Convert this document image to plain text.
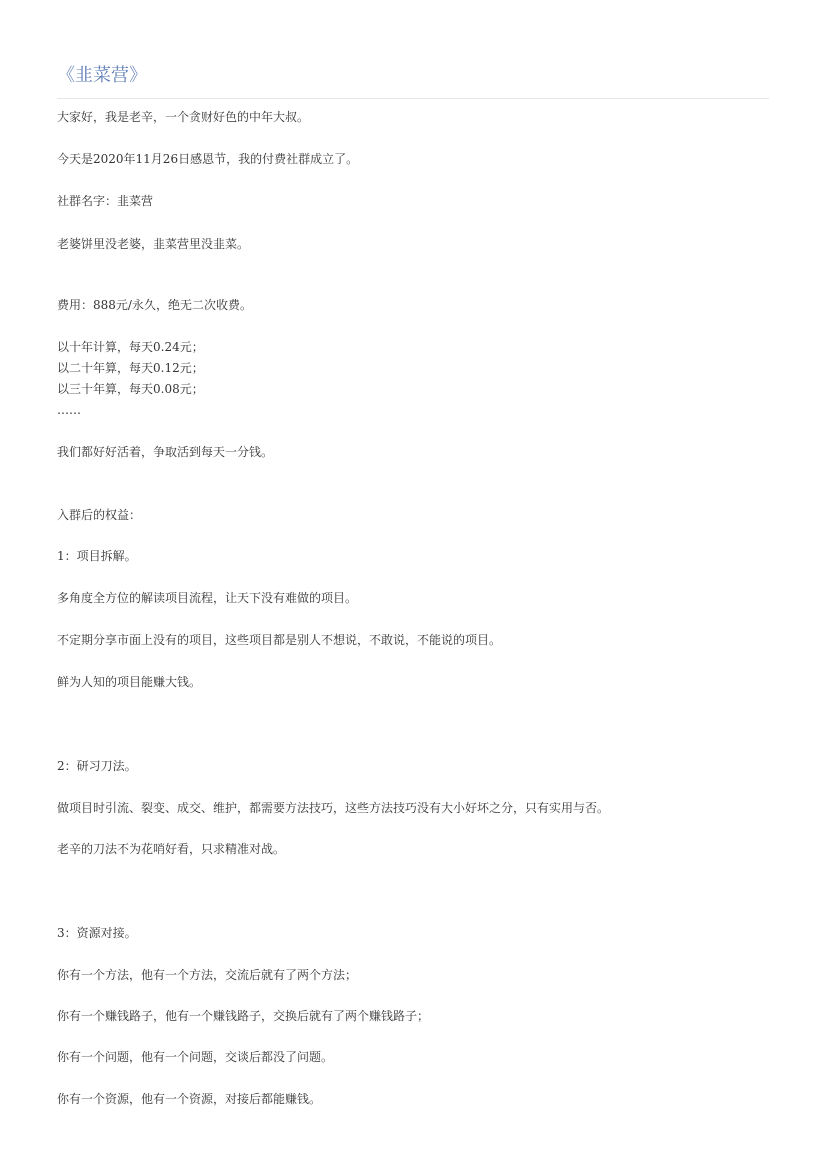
《韭菜营》
大家好，我是老辛，一个贪财好色的中年大叔。
今天是2020年11月26日感恩节，我的付费社群成立了。
社群名字：韭菜营
老婆饼里没老婆，韭菜营里没韭菜。
费用：888元/永久，绝无二次收费。
以十年计算，每天0.24元；
以二十年算，每天0.12元；
以三十年算，每天0.08元；
……
我们都好好活着，争取活到每天一分钱。
入群后的权益：
1：项目拆解。
多角度全方位的解读项目流程，让天下没有难做的项目。
不定期分享市面上没有的项目，这些项目都是别人不想说，不敢说，不能说的项目。
鲜为人知的项目能赚大钱。
2：研习刀法。
做项目时引流、裂变、成交、维护，都需要方法技巧，这些方法技巧没有大小好坏之分，只有实用与否。
老辛的刀法不为花哨好看，只求精准对战。
3：资源对接。
你有一个方法，他有一个方法，交流后就有了两个方法；
你有一个赚钱路子，他有一个赚钱路子，交换后就有了两个赚钱路子；
你有一个问题，他有一个问题，交谈后都没了问题。
你有一个资源，他有一个资源，对接后都能赚钱。
